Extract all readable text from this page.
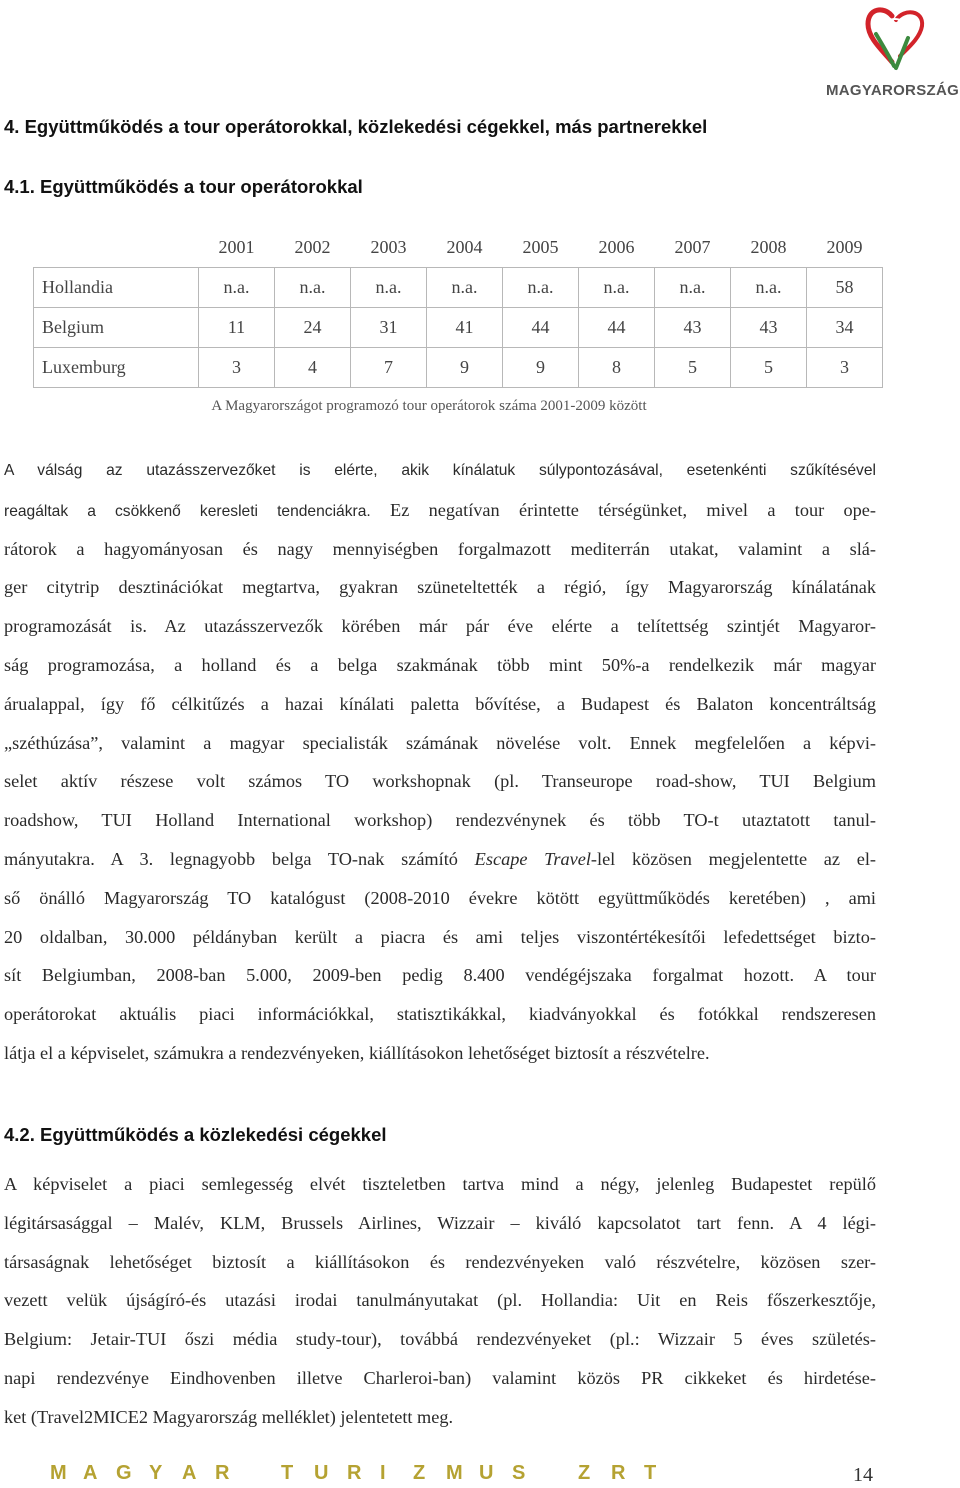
MAGYARORSZÁG
4. Együttműködés a tour operátorokkal, közlekedési cégekkel, más partnerekkel
4.1. Együttműködés a tour operátorokkal
	2001	2002	2003	2004	2005	2006	2007	2008	2009
Hollandia	n.a.	n.a.	n.a.	n.a.	n.a.	n.a.	n.a.	n.a.	58
Belgium	11	24	31	41	44	44	43	43	34
Luxemburg	3	4	7	9	9	8	5	5	3
A Magyarországot programozó tour operátorok száma 2001-2009 között
A válság az utazásszervezőket is elérte, akik kínálatuk súlypontozásával, esetenkénti szűkítésével
reagáltak a csökkenő keresleti tendenciákra. Ez negatívan érintette térségünket, mivel a tour ope-
rátorok a hagyományosan és nagy mennyiségben forgalmazott mediterrán utakat, valamint a slá-
ger citytrip desztinációkat megtartva, gyakran szüneteltették a régió, így Magyarország kínálatának
programozását is. Az utazásszervezők körében már pár éve elérte a telítettség szintjét Magyaror-
ság programozása, a holland és a belga szakmának több mint 50%-a rendelkezik már magyar
árualappal, így fő célkitűzés a hazai kínálati paletta bővítése, a Budapest és Balaton koncentráltság
„széthúzása”, valamint a magyar specialisták számának növelése volt. Ennek megfelelően a képvi-
selet aktív részese volt számos TO workshopnak (pl. Transeurope road-show, TUI Belgium
roadshow, TUI Holland International workshop) rendezvénynek és több TO-t utaztatott tanul-
mányutakra. A 3. legnagyobb belga TO-nak számító Escape Travel-lel közösen megjelentette az el-
ső önálló Magyarország TO katalógust (2008-2010 évekre kötött együttműködés keretében) , ami
20 oldalban, 30.000 példányban került a piacra és ami teljes viszontértékesítői lefedettséget bizto-
sít Belgiumban, 2008-ban 5.000, 2009-ben pedig 8.400 vendégéjszaka forgalmat hozott. A tour
operátorokat aktuális piaci információkkal, statisztikákkal, kiadványokkal és fotókkal rendszeresen
látja el a képviselet, számukra a rendezvényeken, kiállításokon lehetőséget biztosít a részvételre.
4.2. Együttműködés a közlekedési cégekkel
A képviselet a piaci semlegesség elvét tiszteletben tartva mind a négy, jelenleg Budapestet repülő
légitársasággal – Malév, KLM, Brussels Airlines, Wizzair – kiváló kapcsolatot tart fenn. A 4 légi-
társaságnak lehetőséget biztosít a kiállításokon és rendezvényeken való részvételre, közösen szer-
vezett velük újságíró-és utazási irodai tanulmányutakat (pl. Hollandia: Uit en Reis főszerkesztője,
Belgium: Jetair-TUI őszi média study-tour), továbbá rendezvényeket (pl.: Wizzair 5 éves születés-
napi rendezvénye Eindhovenben illetve Charleroi-ban) valamint közös PR cikkeket és hirdetése-
ket (Travel2MICE2 Magyarország melléklet) jelentetett meg.
M A G Y A R	T U R I Z M U S	Z R T	14
